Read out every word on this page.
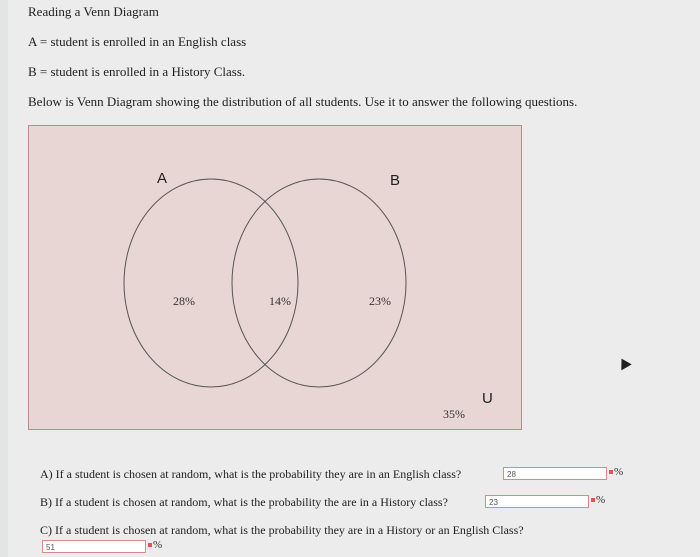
Reading a Venn Diagram
A = student is enrolled in an English class
B = student is enrolled in a History Class.
Below is Venn Diagram showing the distribution of all students. Use it to answer the following questions.
A	B
U
28%	14%	23%
35%
A) If a student is chosen at random, what is the probability they are in an English class?	28	%
B) If a student is chosen at random, what is the probability the are in a History class?	23	%
C) If a student is chosen at random, what is the probability they are in a History or an English Class?
51	%
